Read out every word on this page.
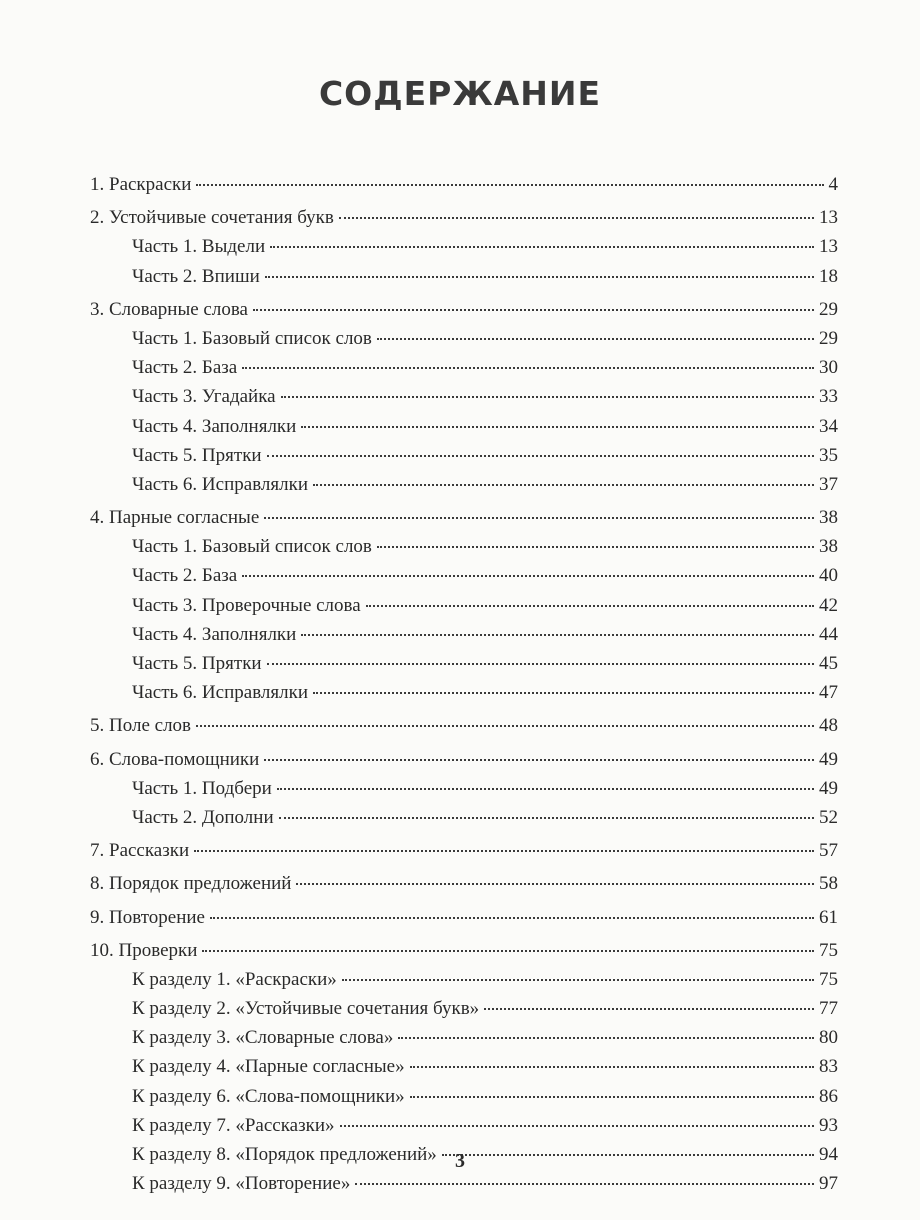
СОДЕРЖАНИЕ
1. Раскраски	4
2. Устойчивые сочетания букв	13
Часть 1. Выдели	13
Часть 2. Впиши	18
3. Словарные слова	29
Часть 1. Базовый список слов	29
Часть 2. База	30
Часть 3. Угадайка	33
Часть 4. Заполнялки	34
Часть 5. Прятки	35
Часть 6. Исправлялки	37
4. Парные согласные	38
Часть 1. Базовый список слов	38
Часть 2. База	40
Часть 3. Проверочные слова	42
Часть 4. Заполнялки	44
Часть 5. Прятки	45
Часть 6. Исправлялки	47
5. Поле слов	48
6. Слова-помощники	49
Часть 1. Подбери	49
Часть 2. Дополни	52
7. Рассказки	57
8. Порядок предложений	58
9. Повторение	61
10. Проверки	75
К разделу 1. «Раскраски»	75
К разделу 2. «Устойчивые сочетания букв»	77
К разделу 3. «Словарные слова»	80
К разделу 4. «Парные согласные»	83
К разделу 6. «Слова-помощники»	86
К разделу 7. «Рассказки»	93
К разделу 8. «Порядок предложений»	94
К разделу 9. «Повторение»	97
3
